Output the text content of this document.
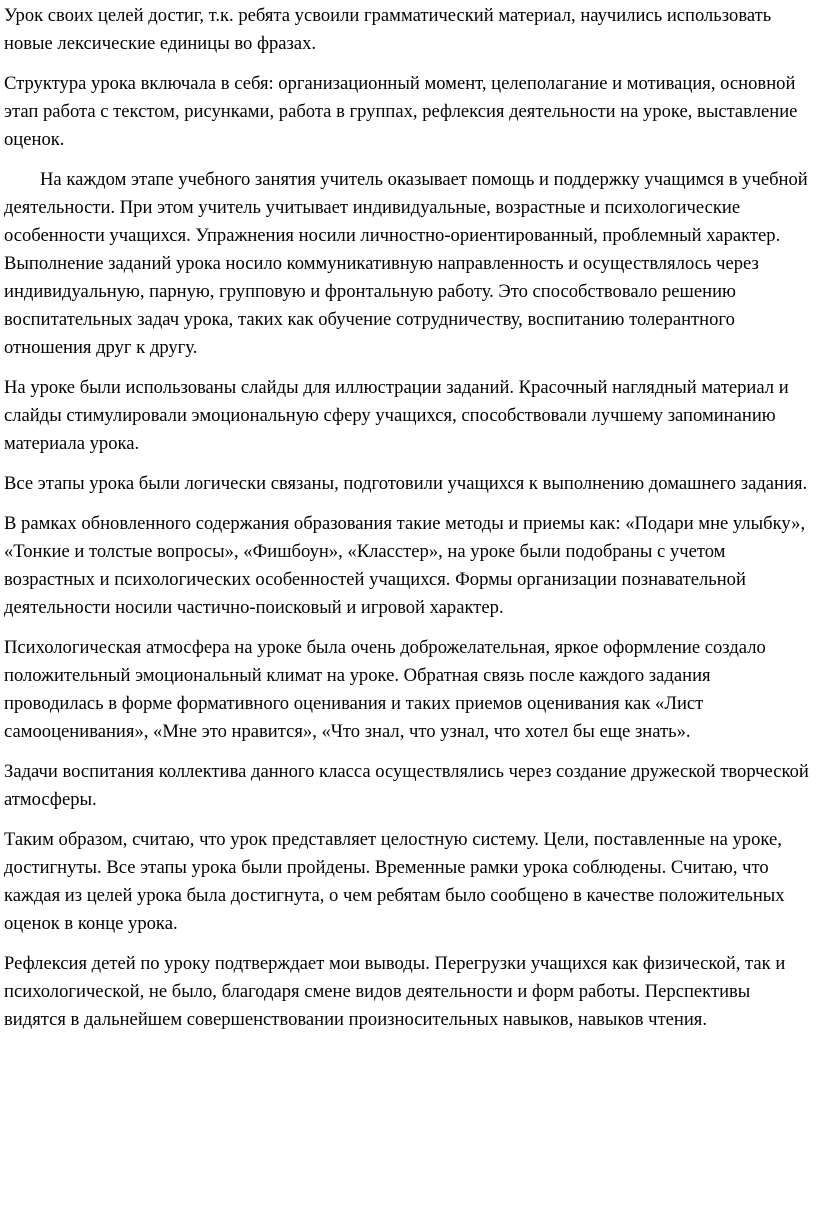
Урок своих целей достиг, т.к. ребята усвоили грамматический материал, научились использовать новые лексические единицы во фразах.

Структура урока включала в себя: организационный момент, целеполагание и мотивация, основной этап работа с текстом, рисунками, работа в группах, рефлексия деятельности на уроке, выставление оценок.

На каждом этапе учебного занятия учитель оказывает помощь и поддержку учащимся в учебной деятельности. При этом учитель учитывает индивидуальные, возрастные и психологические особенности учащихся. Упражнения носили личностно-ориентированный, проблемный характер. Выполнение заданий урока носило коммуникативную направленность и осуществлялось через индивидуальную, парную, групповую и фронтальную работу. Это способствовало решению воспитательных задач урока, таких как обучение сотрудничеству, воспитанию толерантного отношения друг к другу.

На уроке были использованы слайды для иллюстрации заданий. Красочный наглядный материал и слайды стимулировали эмоциональную сферу учащихся, способствовали лучшему запоминанию материала урока.

Все этапы урока были логически связаны, подготовили учащихся к выполнению домашнего задания.

В рамках обновленного содержания образования такие методы и приемы как: «Подари мне улыбку», «Тонкие и толстые вопросы», «Фишбоун», «Класстер», на уроке были подобраны с учетом возрастных и психологических особенностей учащихся. Формы организации познавательной деятельности носили частично-поисковый и игровой характер.

Психологическая атмосфера на уроке была очень доброжелательная, яркое оформление создало положительный эмоциональный климат на уроке. Обратная связь после каждого задания проводилась в форме формативного оценивания и таких приемов оценивания как «Лист самооценивания», «Мне это нравится», «Что знал, что узнал, что хотел бы еще знать».

Задачи воспитания коллектива данного класса осуществлялись через создание дружеской творческой атмосферы.

Таким образом, считаю, что урок представляет целостную систему. Цели, поставленные на уроке, достигнуты. Все этапы урока были пройдены. Временные рамки урока соблюдены. Считаю, что каждая из целей урока была достигнута, о чем ребятам было сообщено в качестве положительных оценок в конце урока.

Рефлексия детей по уроку подтверждает мои выводы. Перегрузки учащихся как физической, так и психологической, не было, благодаря смене видов деятельности и форм работы. Перспективы видятся в дальнейшем совершенствовании произносительных навыков, навыков чтения.
